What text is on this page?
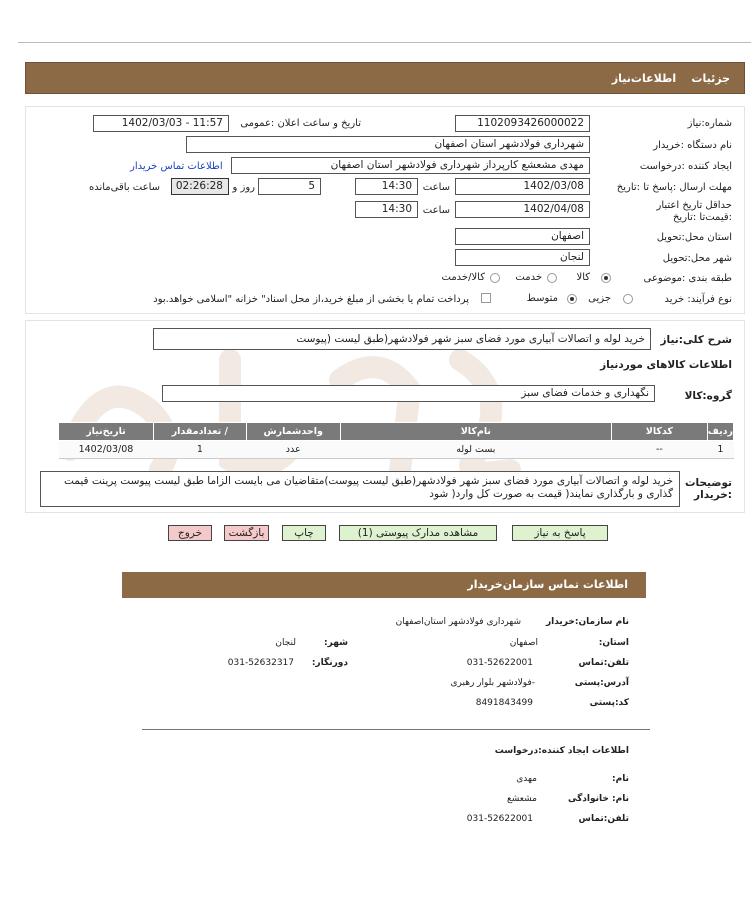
جزئیات    اطلاعات‌نیاز
شماره:نیاز
1102093426000022
تاریخ و ساعت اعلان :عمومی
1402/03/03 - 11:57
نام دستگاه :خریدار
شهرداری فولادشهر استان اصفهان
ایجاد کننده :درخواست
مهدی مشعشع کارپرداز شهرداری فولادشهر استان اصفهان
اطلاعات تماس خریدار
مهلت ارسال :پاسخ تا :تاریخ
1402/03/08
ساعت
14:30
5
روز و
02:26:28
ساعت باقی‌مانده
حداقل تاریخ اعتبار :قیمت‌تا :تاریخ
1402/04/08
ساعت
14:30
استان محل:تحویل
اصفهان
شهر محل:تحویل
لنجان
طبقه بندی :موضوعی
کالا
خدمت
کالا/خدمت
نوع فرآیند: خرید
جزیی
متوسط
پرداخت تمام یا بخشی از مبلغ خرید،از محل اسناد" خزانه "اسلامی خواهد.بود
شرح کلی:نیاز
خرید لوله و اتصالات آبیاری مورد فضای سبز شهر فولادشهر(طبق لیست (پیوست
اطلاعات کالاهای موردنیاز
گروه:کالا
نگهداری و خدمات فضای سبز
ردیف	کدکالا	نام‌کالا	واحدشمارش	/ تعدادمقدار	تاریخ‌نیاز
1	--	بست لوله	عدد	1	1402/03/08
توضیحات :خریدار
خرید لوله و اتصالات آبیاری مورد فضای سبز شهر فولادشهر(طبق لیست پیوست)متقاضیان می بایست الزاما طبق لیست پیوست پرینت قیمت گذاری و بارگذاری نمایند( قیمت به صورت کل وارد( شود
پاسخ به نیاز
مشاهده مدارک پیوستی (1)
چاپ
بازگشت
خروج
اطلاعات تماس سازمان‌خریدار
نام سازمان:خریدار
شهرداری فولادشهر استان‌اصفهان
استان:
اصفهان
شهر:
لنجان
تلفن:تماس
031-52622001
دورنگار:
031-52632317
آدرس:پستی
-فولادشهر بلوار رهبری
کد:پستی
8491843499
اطلاعات ایجاد کننده:درخواست
نام:
مهدی
نام: خانوادگی
مشعشع
تلفن:تماس
031-52622001
